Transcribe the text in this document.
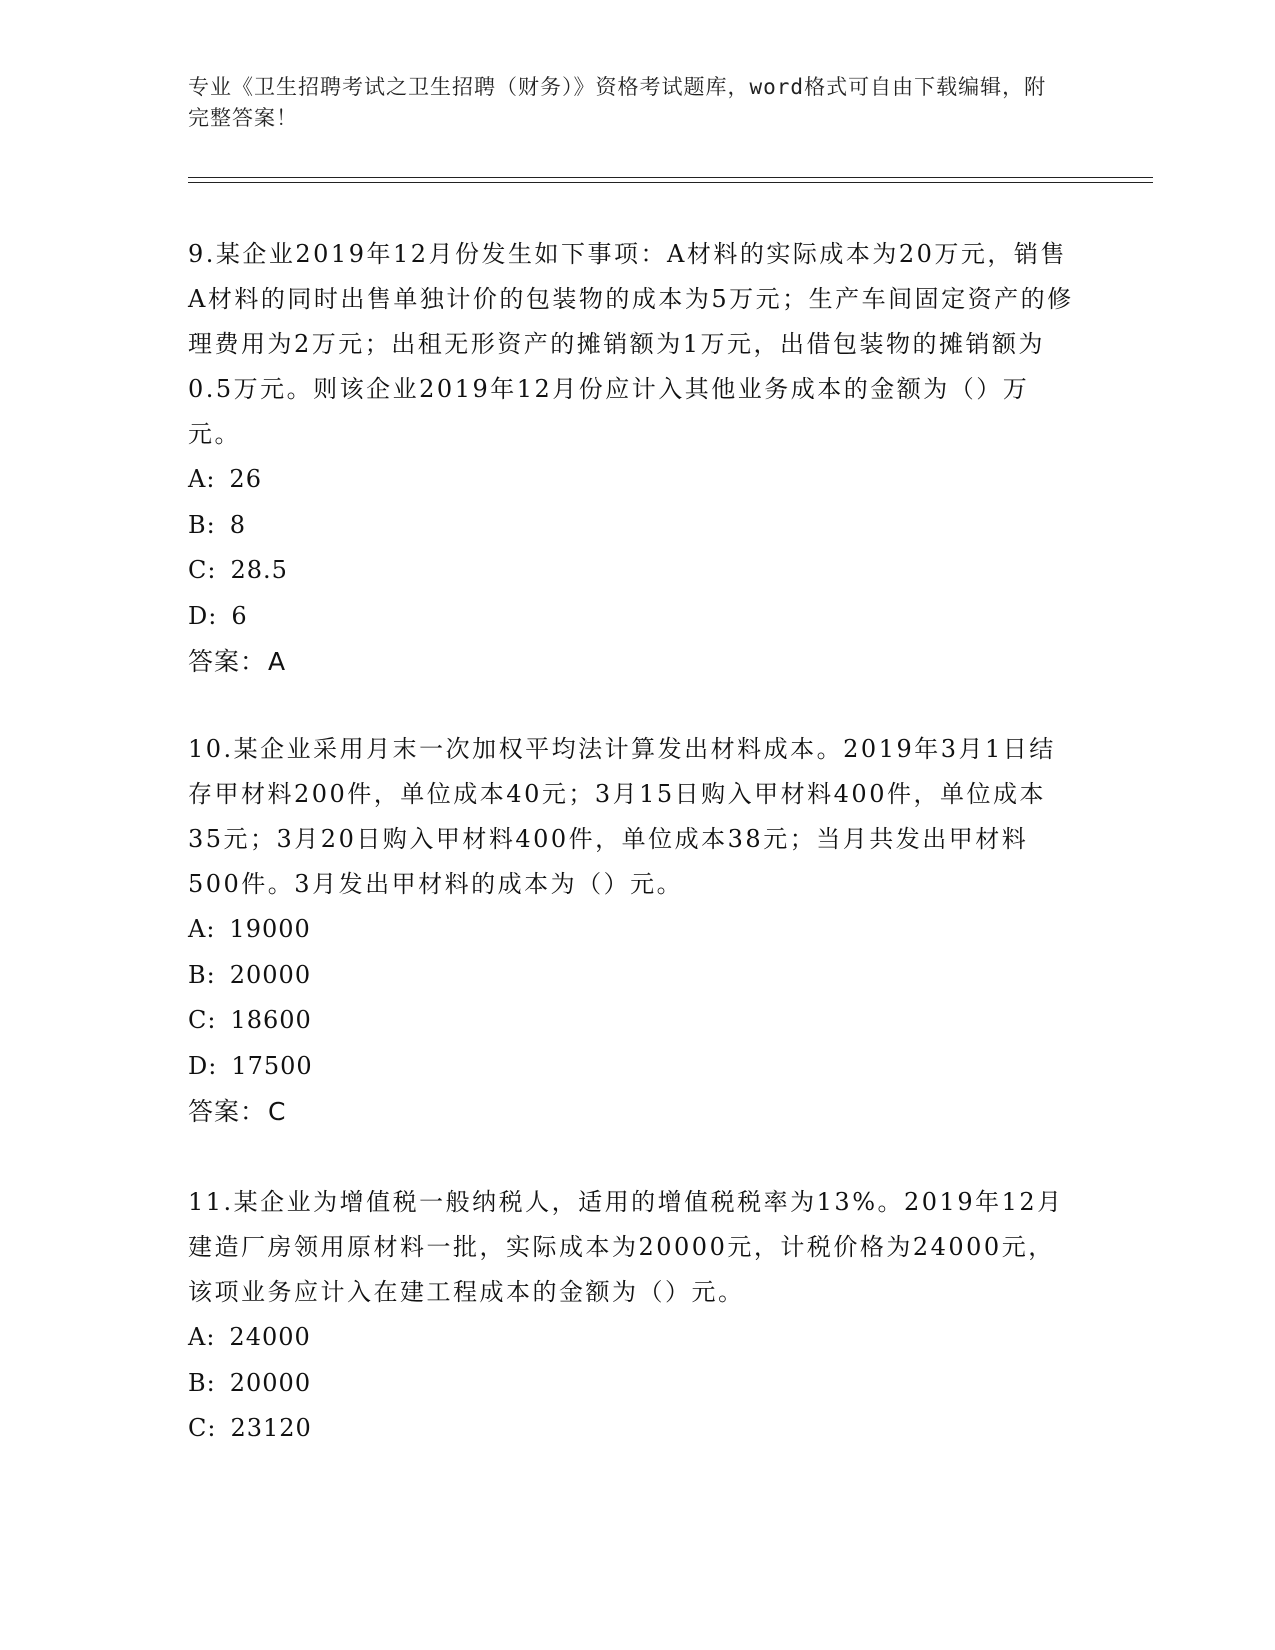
专业《卫生招聘考试之卫生招聘（财务）》资格考试题库，word格式可自由下载编辑，附完整答案！

9.某企业2019年12月份发生如下事项：A材料的实际成本为20万元，销售A材料的同时出售单独计价的包装物的成本为5万元；生产车间固定资产的修理费用为2万元；出租无形资产的摊销额为1万元，出借包装物的摊销额为0.5万元。则该企业2019年12月份应计入其他业务成本的金额为（）万元。

A: 26
B: 8
C: 28.5
D: 6
答案：A

10.某企业采用月末一次加权平均法计算发出材料成本。2019年3月1日结存甲材料200件，单位成本40元；3月15日购入甲材料400件，单位成本35元；3月20日购入甲材料400件，单位成本38元；当月共发出甲材料500件。3月发出甲材料的成本为（）元。

A: 19000
B: 20000
C: 18600
D: 17500
答案：C

11.某企业为增值税一般纳税人，适用的增值税税率为13%。2019年12月建造厂房领用原材料一批，实际成本为20000元，计税价格为24000元，该项业务应计入在建工程成本的金额为（）元。

A: 24000
B: 20000
C: 23120
